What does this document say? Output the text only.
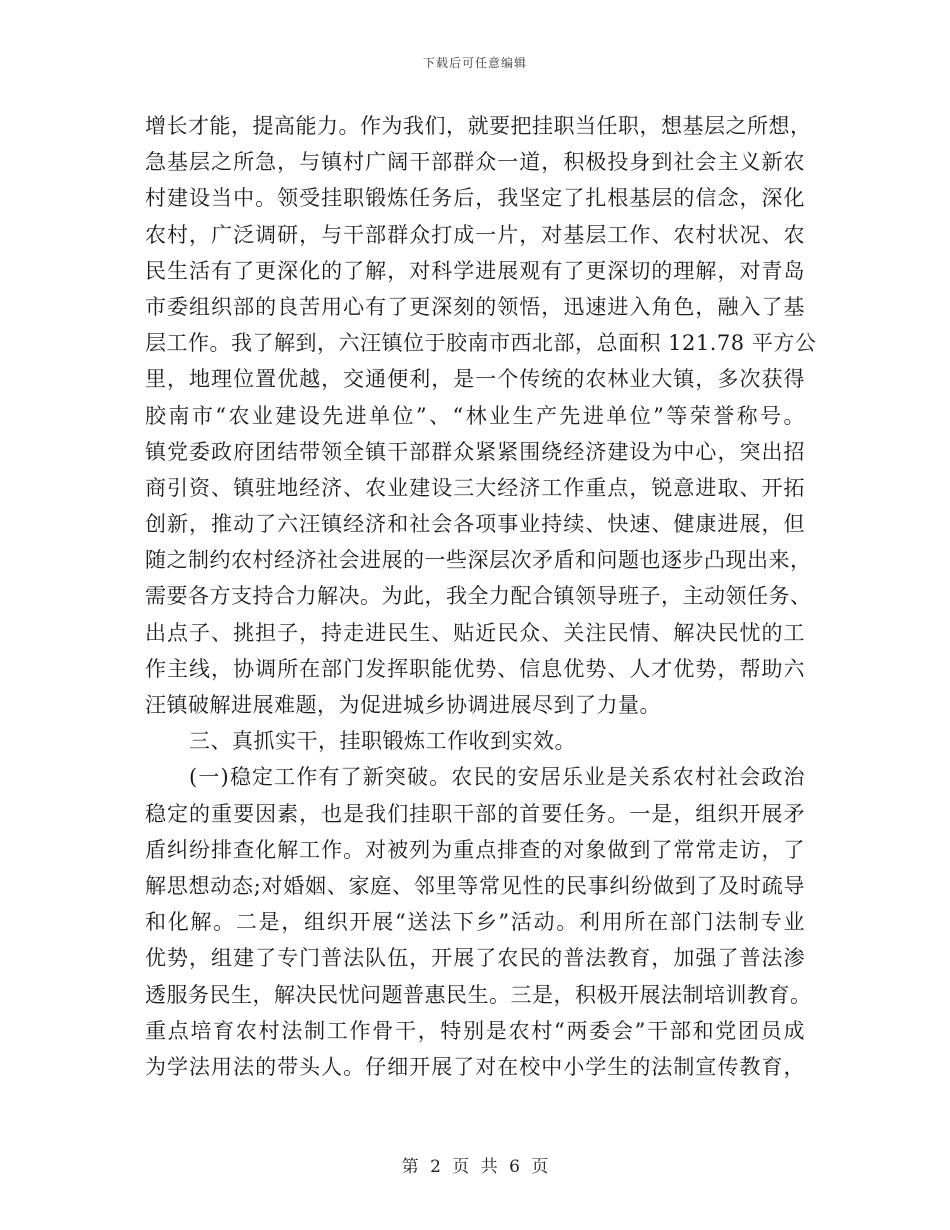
下载后可任意编辑
增长才能，提高能力。作为我们，就要把挂职当任职，想基层之所想，
急基层之所急，与镇村广阔干部群众一道，积极投身到社会主义新农
村建设当中。领受挂职锻炼任务后，我坚定了扎根基层的信念，深化
农村，广泛调研，与干部群众打成一片，对基层工作、农村状况、农
民生活有了更深化的了解，对科学进展观有了更深切的理解，对青岛
市委组织部的良苦用心有了更深刻的领悟，迅速进入角色，融入了基
层工作。我了解到，六汪镇位于胶南市西北部，总面积 121.78 平方公
里，地理位置优越，交通便利，是一个传统的农林业大镇，多次获得
胶南市“农业建设先进单位”、“林业生产先进单位”等荣誉称号。
镇党委政府团结带领全镇干部群众紧紧围绕经济建设为中心，突出招
商引资、镇驻地经济、农业建设三大经济工作重点，锐意进取、开拓
创新，推动了六汪镇经济和社会各项事业持续、快速、健康进展，但
随之制约农村经济社会进展的一些深层次矛盾和问题也逐步凸现出来，
需要各方支持合力解决。为此，我全力配合镇领导班子，主动领任务、
出点子、挑担子，持走进民生、贴近民众、关注民情、解决民忧的工
作主线，协调所在部门发挥职能优势、信息优势、人才优势，帮助六
汪镇破解进展难题，为促进城乡协调进展尽到了力量。
三、真抓实干，挂职锻炼工作收到实效。
(一)稳定工作有了新突破。农民的安居乐业是关系农村社会政治
稳定的重要因素，也是我们挂职干部的首要任务。一是，组织开展矛
盾纠纷排查化解工作。对被列为重点排查的对象做到了常常走访，了
解思想动态;对婚姻、家庭、邻里等常见性的民事纠纷做到了及时疏导
和化解。二是，组织开展“送法下乡”活动。利用所在部门法制专业
优势，组建了专门普法队伍，开展了农民的普法教育，加强了普法渗
透服务民生，解决民忧问题普惠民生。三是，积极开展法制培训教育。
重点培育农村法制工作骨干，特别是农村“两委会”干部和党团员成
为学法用法的带头人。仔细开展了对在校中小学生的法制宣传教育，
第 2 页 共 6 页
